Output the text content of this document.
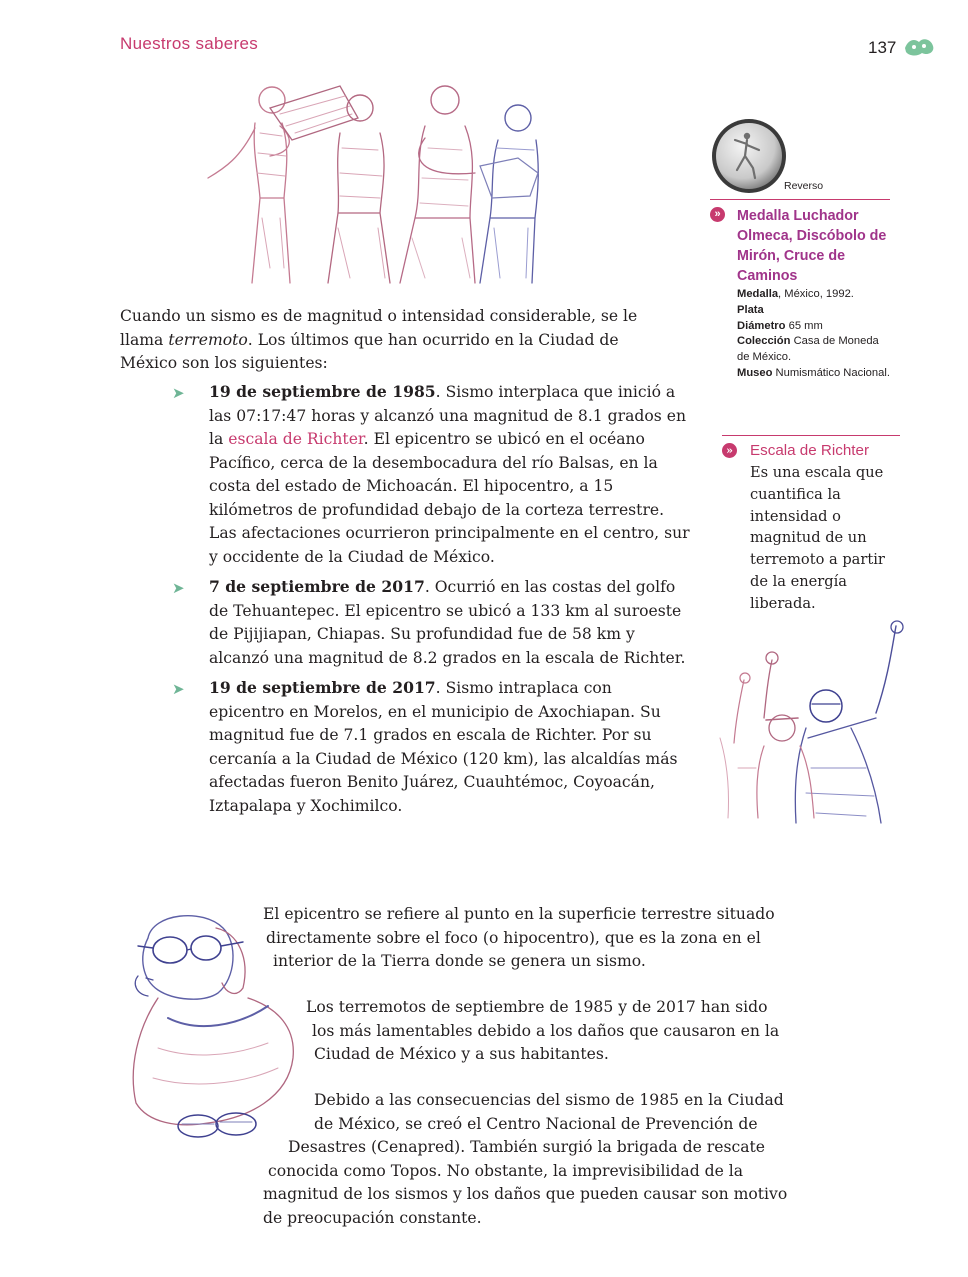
Nuestros saberes	137
Cuando un sismo es de magnitud o intensidad considerable, se le llama terremoto. Los últimos que han ocurrido en la Ciudad de México son los siguientes:
➤ 19 de septiembre de 1985. Sismo interplaca que inició a las 07:17:47 horas y alcanzó una magnitud de 8.1 grados en la escala de Richter. El epicentro se ubicó en el océano Pacífico, cerca de la desembocadura del río Balsas, en la costa del estado de Michoacán. El hipocentro, a 15 kilómetros de profundidad debajo de la corteza terrestre. Las afectaciones ocurrieron principalmente en el centro, sur y occidente de la Ciudad de México.
➤ 7 de septiembre de 2017. Ocurrió en las costas del golfo de Tehuantepec. El epicentro se ubicó a 133 km al suroeste de Pijijiapan, Chiapas. Su profundidad fue de 58 km y alcanzó una magnitud de 8.2 grados en la escala de Richter.
➤ 19 de septiembre de 2017. Sismo intraplaca con epicentro en Morelos, en el municipio de Axochiapan. Su magnitud fue de 7.1 grados en escala de Richter. Por su cercanía a la Ciudad de México (120 km), las alcaldías más afectadas fueron Benito Juárez, Cuauhtémoc, Coyoacán, Iztapalapa y Xochimilco.
Reverso
»	Medalla Luchador Olmeca, Discóbolo de Mirón, Cruce de Caminos
Medalla, México, 1992.
Plata
Diámetro 65 mm
Colección Casa de Moneda de México.
Museo Numismático Nacional.
» Escala de Richter
Es una escala que cuantifica la intensidad o magnitud de un terremoto a partir de la energía liberada.
El epicentro se refiere al punto en la superficie terrestre situado
directamente sobre el foco (o hipocentro), que es la zona en el
interior de la Tierra donde se genera un sismo.
Los terremotos de septiembre de 1985 y de 2017 han sido
los más lamentables debido a los daños que causaron en la
Ciudad de México y a sus habitantes.
Debido a las consecuencias del sismo de 1985 en la Ciudad
de México, se creó el Centro Nacional de Prevención de
Desastres (Cenapred). También surgió la brigada de rescate
conocida como Topos. No obstante, la imprevisibilidad de la
magnitud de los sismos y los daños que pueden causar son motivo
de preocupación constante.
